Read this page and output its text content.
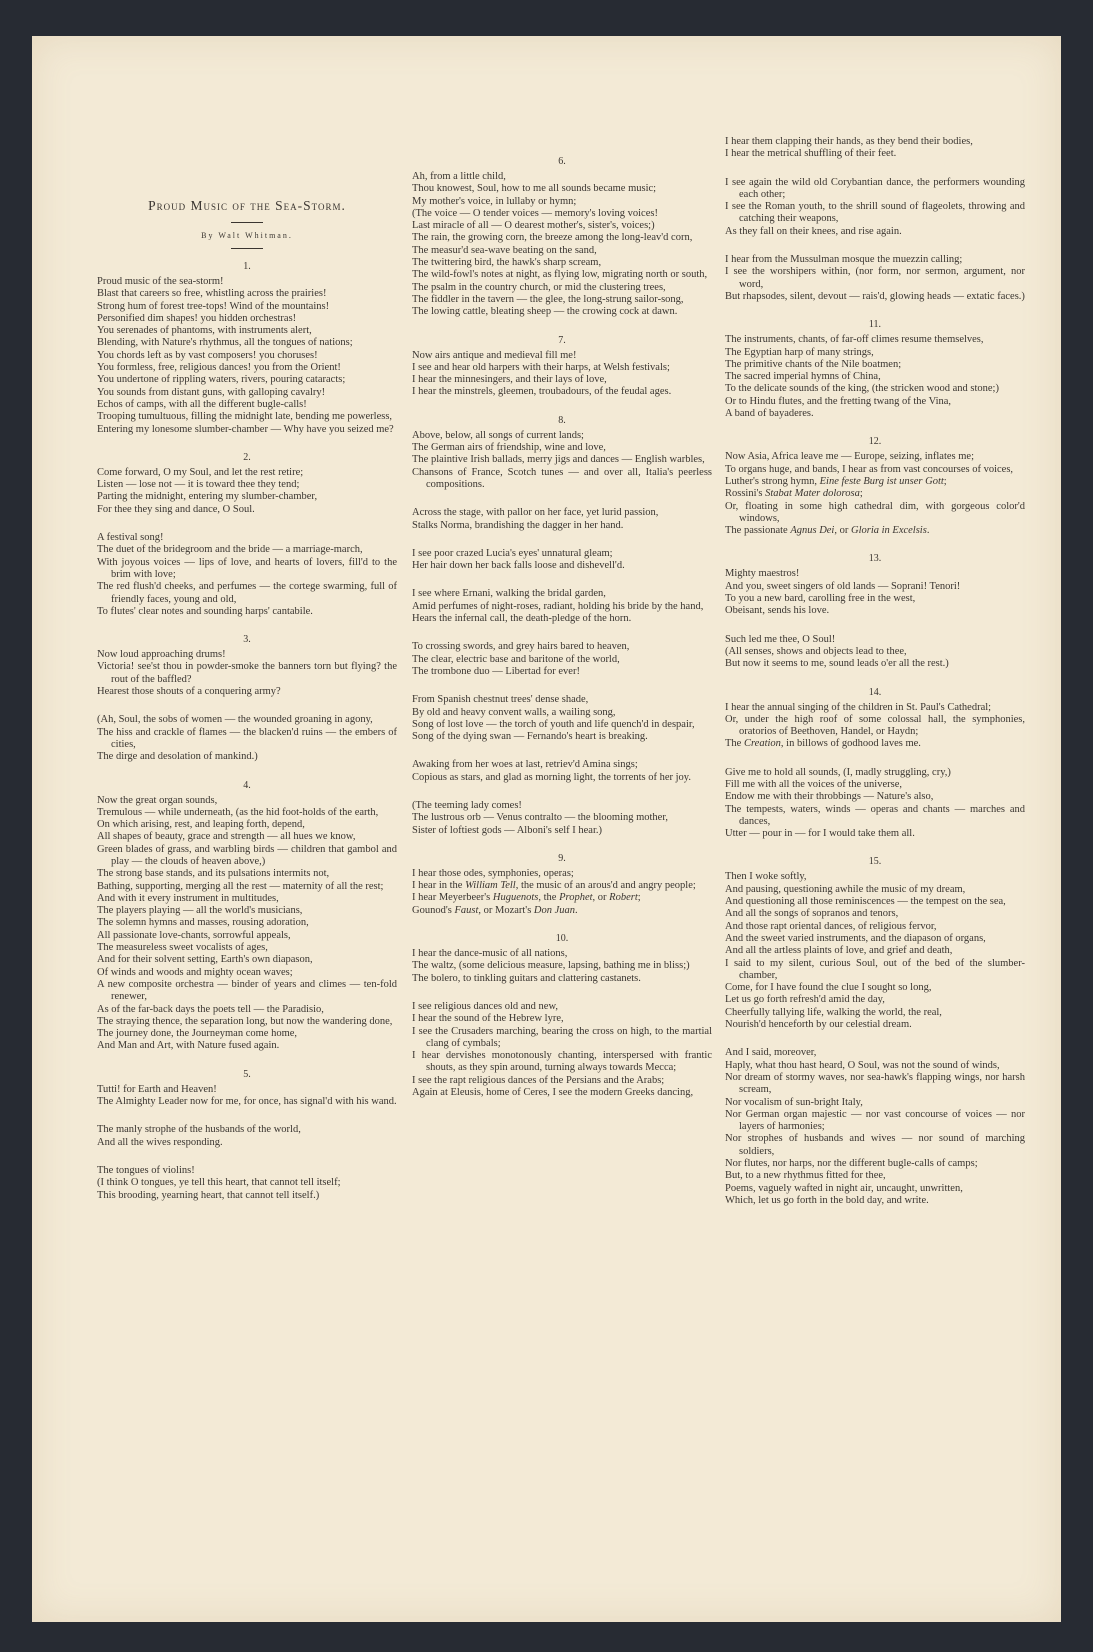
Proud Music of the Sea-Storm.
By Walt Whitman.
1.
Proud music of the sea-storm!
Blast that careers so free, whistling across the prairies!
Strong hum of forest tree-tops! Wind of the mountains!
Personified dim shapes! you hidden orchestras!
You serenades of phantoms, with instruments alert,
Blending, with Nature's rhythmus, all the tongues of nations;
You chords left as by vast composers! you choruses!
You formless, free, religious dances! you from the Orient!
You undertone of rippling waters, rivers, pouring cataracts;
You sounds from distant guns, with galloping cavalry!
Echos of camps, with all the different bugle-calls!
Trooping tumultuous, filling the midnight late, bending me powerless,
Entering my lonesome slumber-chamber — Why have you seized me?
2.
Come forward, O my Soul, and let the rest retire;
Listen — lose not — it is toward thee they tend;
Parting the midnight, entering my slumber-chamber,
For thee they sing and dance, O Soul.
A festival song!
The duet of the bridegroom and the bride — a marriage-march,
With joyous voices — lips of love, and hearts of lovers, fill'd to the brim with love;
The red flush'd cheeks, and perfumes — the cortege swarming, full of friendly faces, young and old,
To flutes' clear notes and sounding harps' cantabile.
3.
Now loud approaching drums!
Victoria! see'st thou in powder-smoke the banners torn but flying? the rout of the baffled?
Hearest those shouts of a conquering army?
(Ah, Soul, the sobs of women — the wounded groaning in agony,
The hiss and crackle of flames — the blacken'd ruins — the embers of cities,
The dirge and desolation of mankind.)
4.
Now the great organ sounds,
Tremulous — while underneath, (as the hid foot-holds of the earth,
On which arising, rest, and leaping forth, depend,
All shapes of beauty, grace and strength — all hues we know,
Green blades of grass, and warbling birds — children that gambol and play — the clouds of heaven above,)
The strong base stands, and its pulsations intermits not,
Bathing, supporting, merging all the rest — maternity of all the rest;
And with it every instrument in multitudes,
The players playing — all the world's musicians,
The solemn hymns and masses, rousing adoration,
All passionate love-chants, sorrowful appeals,
The measureless sweet vocalists of ages,
And for their solvent setting, Earth's own diapason,
Of winds and woods and mighty ocean waves;
A new composite orchestra — binder of years and climes — ten-fold renewer,
As of the far-back days the poets tell — the Paradisio,
The straying thence, the separation long, but now the wandering done,
The journey done, the Journeyman come home,
And Man and Art, with Nature fused again.
5.
Tutti! for Earth and Heaven!
The Almighty Leader now for me, for once, has signal'd with his wand.
The manly strophe of the husbands of the world,
And all the wives responding.
The tongues of violins!
(I think O tongues, ye tell this heart, that cannot tell itself;
This brooding, yearning heart, that cannot tell itself.)
6.
Ah, from a little child,
Thou knowest, Soul, how to me all sounds became music;
My mother's voice, in lullaby or hymn;
(The voice — O tender voices — memory's loving voices!
Last miracle of all — O dearest mother's, sister's, voices;)
The rain, the growing corn, the breeze among the long-leav'd corn,
The measur'd sea-wave beating on the sand,
The twittering bird, the hawk's sharp scream,
The wild-fowl's notes at night, as flying low, migrating north or south,
The psalm in the country church, or mid the clustering trees,
The fiddler in the tavern — the glee, the long-strung sailor-song,
The lowing cattle, bleating sheep — the crowing cock at dawn.
7.
Now airs antique and medieval fill me!
I see and hear old harpers with their harps, at Welsh festivals;
I hear the minnesingers, and their lays of love,
I hear the minstrels, gleemen, troubadours, of the feudal ages.
8.
Above, below, all songs of current lands;
The German airs of friendship, wine and love,
The plaintive Irish ballads, merry jigs and dances — English warbles,
Chansons of France, Scotch tunes — and over all, Italia's peerless compositions.
Across the stage, with pallor on her face, yet lurid passion,
Stalks Norma, brandishing the dagger in her hand.
I see poor crazed Lucia's eyes' unnatural gleam;
Her hair down her back falls loose and dishevell'd.
I see where Ernani, walking the bridal garden,
Amid perfumes of night-roses, radiant, holding his bride by the hand,
Hears the infernal call, the death-pledge of the horn.
To crossing swords, and grey hairs bared to heaven,
The clear, electric base and baritone of the world,
The trombone duo — Libertad for ever!
From Spanish chestnut trees' dense shade,
By old and heavy convent walls, a wailing song,
Song of lost love — the torch of youth and life quench'd in despair,
Song of the dying swan — Fernando's heart is breaking.
Awaking from her woes at last, retriev'd Amina sings;
Copious as stars, and glad as morning light, the torrents of her joy.
(The teeming lady comes!
The lustrous orb — Venus contralto — the blooming mother,
Sister of loftiest gods — Alboni's self I hear.)
9.
I hear those odes, symphonies, operas;
I hear in the William Tell, the music of an arous'd and angry people;
I hear Meyerbeer's Huguenots, the Prophet, or Robert;
Gounod's Faust, or Mozart's Don Juan.
10.
I hear the dance-music of all nations,
The waltz, (some delicious measure, lapsing, bathing me in bliss;)
The bolero, to tinkling guitars and clattering castanets.
I see religious dances old and new,
I hear the sound of the Hebrew lyre,
I see the Crusaders marching, bearing the cross on high, to the martial clang of cymbals;
I hear dervishes monotonously chanting, interspersed with frantic shouts, as they spin around, turning always towards Mecca;
I see the rapt religious dances of the Persians and the Arabs;
Again at Eleusis, home of Ceres, I see the modern Greeks dancing,
I hear them clapping their hands, as they bend their bodies,
I hear the metrical shuffling of their feet.
I see again the wild old Corybantian dance, the performers wounding each other;
I see the Roman youth, to the shrill sound of flageolets, throwing and catching their weapons,
As they fall on their knees, and rise again.
I hear from the Mussulman mosque the muezzin calling;
I see the worshipers within, (nor form, nor sermon, argument, nor word,
But rhapsodes, silent, devout — rais'd, glowing heads — extatic faces.)
11.
The instruments, chants, of far-off climes resume themselves,
The Egyptian harp of many strings,
The primitive chants of the Nile boatmen;
The sacred imperial hymns of China,
To the delicate sounds of the king, (the stricken wood and stone;)
Or to Hindu flutes, and the fretting twang of the Vina,
A band of bayaderes.
12.
Now Asia, Africa leave me — Europe, seizing, inflates me;
To organs huge, and bands, I hear as from vast concourses of voices,
Luther's strong hymn, Eine feste Burg ist unser Gott;
Rossini's Stabat Mater dolorosa;
Or, floating in some high cathedral dim, with gorgeous color'd windows,
The passionate Agnus Dei, or Gloria in Excelsis.
13.
Mighty maestros!
And you, sweet singers of old lands — Soprani! Tenori!
To you a new bard, carolling free in the west,
Obeisant, sends his love.
Such led me thee, O Soul!
(All senses, shows and objects lead to thee,
But now it seems to me, sound leads o'er all the rest.)
14.
I hear the annual singing of the children in St. Paul's Cathedral;
Or, under the high roof of some colossal hall, the symphonies, oratorios of Beethoven, Handel, or Haydn;
The Creation, in billows of godhood laves me.
Give me to hold all sounds, (I, madly struggling, cry,)
Fill me with all the voices of the universe,
Endow me with their throbbings — Nature's also,
The tempests, waters, winds — operas and chants — marches and dances,
Utter — pour in — for I would take them all.
15.
Then I woke softly,
And pausing, questioning awhile the music of my dream,
And questioning all those reminiscences — the tempest on the sea,
And all the songs of sopranos and tenors,
And those rapt oriental dances, of religious fervor,
And the sweet varied instruments, and the diapason of organs,
And all the artless plaints of love, and grief and death,
I said to my silent, curious Soul, out of the bed of the slumber-chamber,
Come, for I have found the clue I sought so long,
Let us go forth refresh'd amid the day,
Cheerfully tallying life, walking the world, the real,
Nourish'd henceforth by our celestial dream.
And I said, moreover,
Haply, what thou hast heard, O Soul, was not the sound of winds,
Nor dream of stormy waves, nor sea-hawk's flapping wings, nor harsh scream,
Nor vocalism of sun-bright Italy,
Nor German organ majestic — nor vast concourse of voices — nor layers of harmonies;
Nor strophes of husbands and wives — nor sound of marching soldiers,
Nor flutes, nor harps, nor the different bugle-calls of camps;
But, to a new rhythmus fitted for thee,
Poems, vaguely wafted in night air, uncaught, unwritten,
Which, let us go forth in the bold day, and write.
